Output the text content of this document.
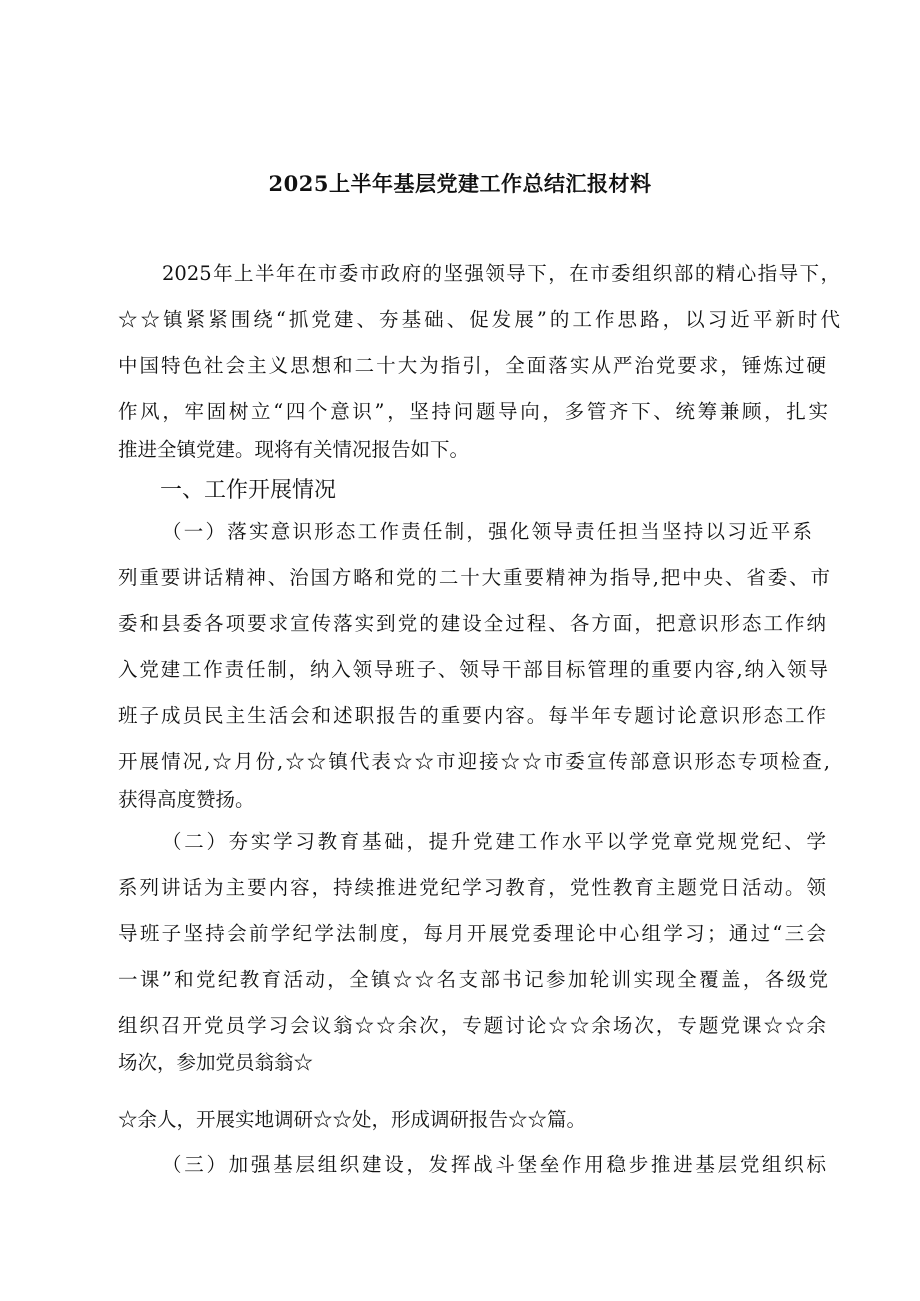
2025上半年基层党建工作总结汇报材料
2025年上半年在市委市政府的坚强领导下，在市委组织部的精心指导下，
☆☆镇紧紧围绕“抓党建、夯基础、促发展”的工作思路，以习近平新时代
中国特色社会主义思想和二十大为指引，全面落实从严治党要求，锤炼过硬
作风，牢固树立“四个意识”，坚持问题导向，多管齐下、统筹兼顾，扎实
推进全镇党建。现将有关情况报告如下。
一、工作开展情况
（一）落实意识形态工作责任制，强化领导责任担当坚持以习近平系
列重要讲话精神、治国方略和党的二十大重要精神为指导,把中央、省委、市
委和县委各项要求宣传落实到党的建设全过程、各方面，把意识形态工作纳
入党建工作责任制，纳入领导班子、领导干部目标管理的重要内容,纳入领导
班子成员民主生活会和述职报告的重要内容。每半年专题讨论意识形态工作
开展情况,☆月份,☆☆镇代表☆☆市迎接☆☆市委宣传部意识形态专项检查,
获得高度赞扬。
（二）夯实学习教育基础，提升党建工作水平以学党章党规党纪、学
系列讲话为主要内容，持续推进党纪学习教育，党性教育主题党日活动。领
导班子坚持会前学纪学法制度，每月开展党委理论中心组学习；通过“三会
一课”和党纪教育活动，全镇☆☆名支部书记参加轮训实现全覆盖，各级党
组织召开党员学习会议翁☆☆余次，专题讨论☆☆余场次，专题党课☆☆余
场次，参加党员翁翁☆
☆余人，开展实地调研☆☆处，形成调研报告☆☆篇。
（三）加强基层组织建设，发挥战斗堡垒作用稳步推进基层党组织标
